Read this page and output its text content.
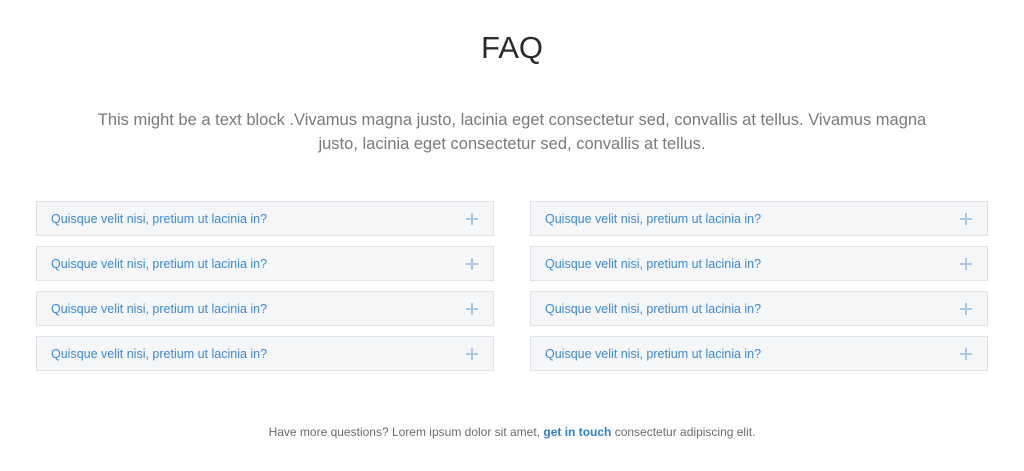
FAQ

This might be a text block .Vivamus magna justo, lacinia eget consectetur sed, convallis at tellus. Vivamus magna justo, lacinia eget consectetur sed, convallis at tellus.

Quisque velit nisi, pretium ut lacinia in?
Quisque velit nisi, pretium ut lacinia in?
Quisque velit nisi, pretium ut lacinia in?
Quisque velit nisi, pretium ut lacinia in?
Quisque velit nisi, pretium ut lacinia in?
Quisque velit nisi, pretium ut lacinia in?
Quisque velit nisi, pretium ut lacinia in?
Quisque velit nisi, pretium ut lacinia in?

Have more questions? Lorem ipsum dolor sit amet, get in touch consectetur adipiscing elit.
